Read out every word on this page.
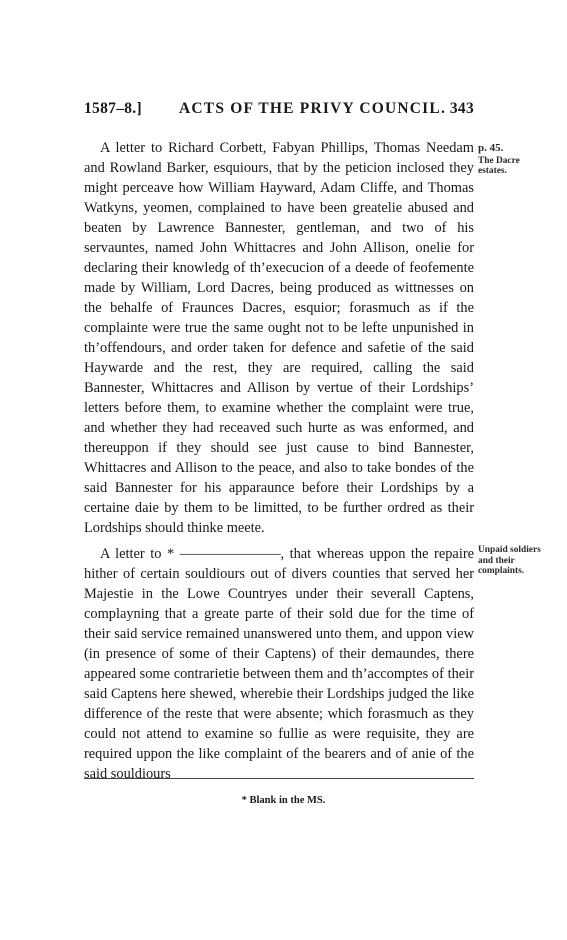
1587–8.] ACTS OF THE PRIVY COUNCIL. 343

A letter to Richard Corbett, Fabyan Phillips, Thomas Needam and Rowland Barker, esquiours, that by the peticion inclosed they might perceave how William Hayward, Adam Cliffe, and Thomas Watkyns, yeomen, complained to have been greatelie abused and beaten by Lawrence Bannester, gentleman, and two of his servauntes, named John Whittacres and John Allison, onelie for declaring their knowledg of th’execucion of a deede of feofemente made by William, Lord Dacres, being produced as wittnesses on the behalfe of Fraunces Dacres, esquior; forasmuch as if the complainte were true the same ought not to be lefte unpunished in th’offendours, and order taken for defence and safetie of the said Haywarde and the rest, they are required, calling the said Bannester, Whittacres and Allison by vertue of their Lordships’ letters before them, to examine whether the complaint were true, and whether they had receaved such hurte as was enformed, and thereuppon if they should see just cause to bind Bannester, Whittacres and Allison to the peace, and also to take bondes of the said Bannester for his apparaunce before their Lordships by a certaine daie by them to be limitted, to be further ordred as their Lordships should thinke meete.

A letter to * ———————, that whereas uppon the repaire hither of certain souldiours out of divers counties that served her Majestie in the Lowe Countryes under their severall Captens, complayning that a greate parte of their sold due for the time of their said service remained unanswered unto them, and uppon view (in presence of some of their Captens) of their demaundes, there appeared some contrarietie between them and th’accomptes of their said Captens here shewed, wherebie their Lordships judged the like difference of the reste that were absente; which forasmuch as they could not attend to examine so fullie as were requisite, they are required uppon the like complaint of the bearers and of anie of the said souldiours

p. 45.
The Dacre estates.
Unpaid soldiers and their complaints.
* Blank in the MS.
